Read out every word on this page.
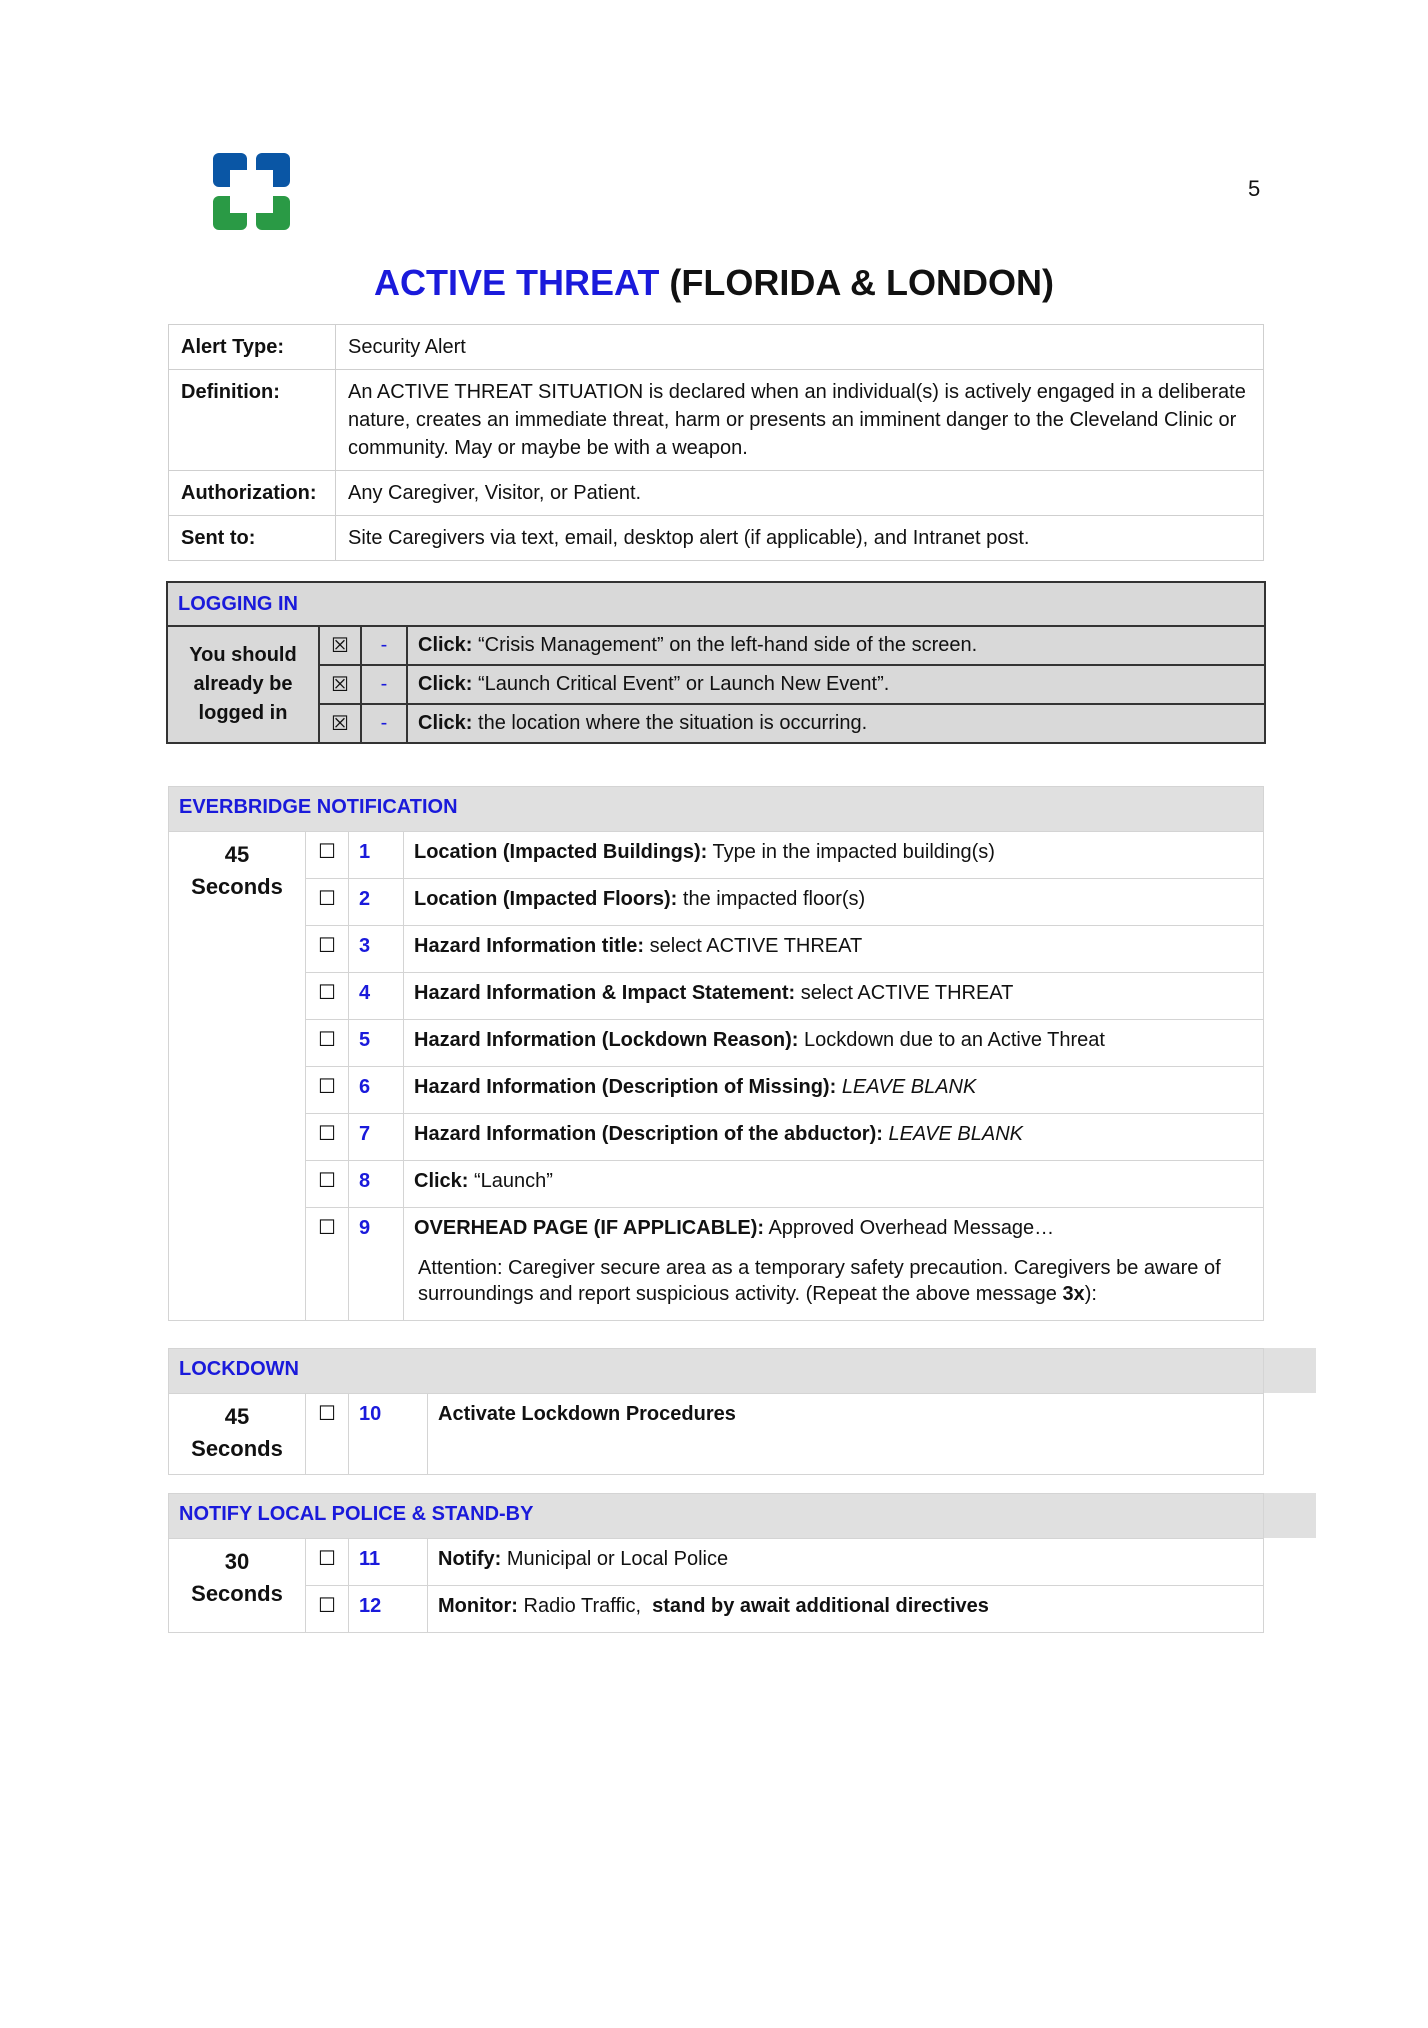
5
ACTIVE THREAT (FLORIDA & LONDON)
Alert Type:	Security Alert
Definition:	An ACTIVE THREAT SITUATION is declared when an individual(s) is actively engaged in a deliberate nature, creates an immediate threat, harm or presents an imminent danger to the Cleveland Clinic or community. May or maybe be with a weapon.
Authorization:	Any Caregiver, Visitor, or Patient.
Sent to:	Site Caregivers via text, email, desktop alert (if applicable), and Intranet post.
LOGGING IN			
You should already be logged in	☒	-	Click: “Crisis Management” on the left-hand side of the screen.
	☒	-	Click: “Launch Critical Event” or Launch New Event”.
	☒	-	Click: the location where the situation is occurring.
EVERBRIDGE NOTIFICATION			
45
Seconds	☐	1	Location (Impacted Buildings): Type in the impacted building(s)
	☐	2	Location (Impacted Floors): the impacted floor(s)
	☐	3	Hazard Information title: select ACTIVE THREAT
	☐	4	Hazard Information & Impact Statement: select ACTIVE THREAT
	☐	5	Hazard Information (Lockdown Reason): Lockdown due to an Active Threat
	☐	6	Hazard Information (Description of Missing): LEAVE BLANK
	☐	7	Hazard Information (Description of the abductor): LEAVE BLANK
	☐	8	Click: “Launch”
	☐	9	OVERHEAD PAGE (IF APPLICABLE): Approved Overhead Message…
Attention: Caregiver secure area as a temporary safety precaution. Caregivers be aware of surroundings and report suspicious activity. (Repeat the above message 3x):
LOCKDOWN
45
Seconds	☐	10	Activate Lockdown Procedures
NOTIFY LOCAL POLICE & STAND-BY			
30
Seconds	☐	11	Notify: Municipal or Local Police
	☐	12	Monitor: Radio Traffic,  stand by await additional directives
